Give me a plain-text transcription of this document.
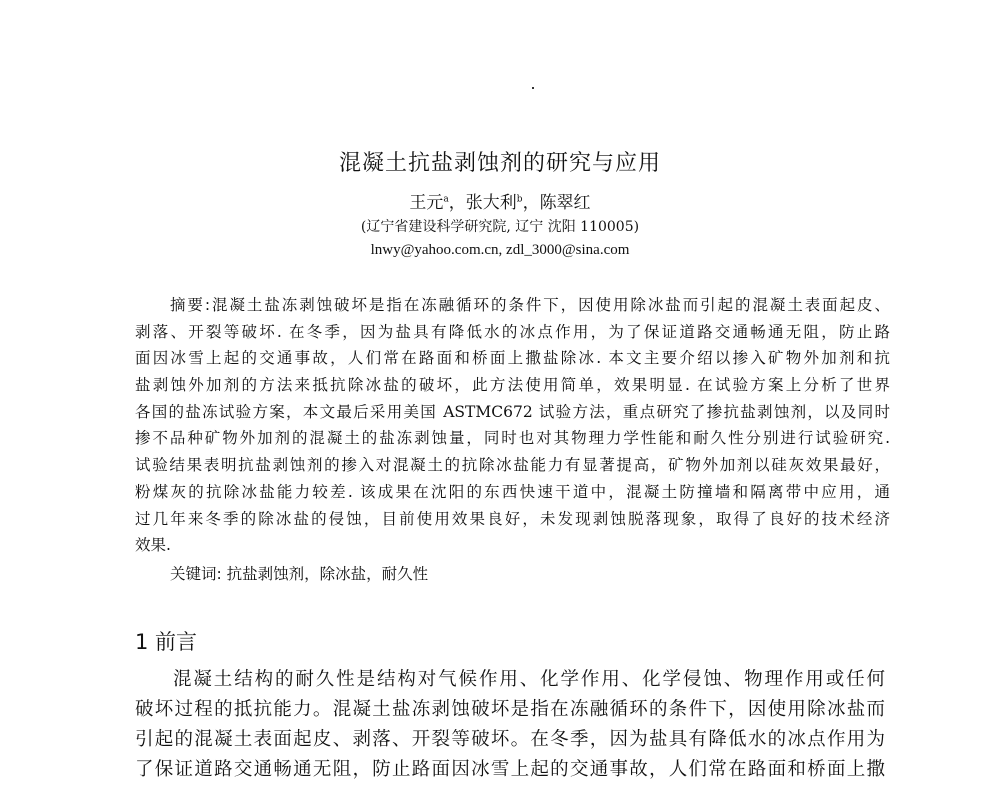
混凝土抗盐剥蚀剂的研究与应用
王元$^a$，张大利$^b$，陈翠红
(辽宁省建设科学研究院, 辽宁 沈阳 110005)
lnwy@yahoo.com.cn, zdl_3000@sina.com
摘要:混凝土盐冻剥蚀破坏是指在冻融循环的条件下，因使用除冰盐而引起的混凝土表面起皮、
剥落、开裂等破坏. 在冬季，因为盐具有降低水的冰点作用，为了保证道路交通畅通无阻，防止路
面因冰雪上起的交通事故，人们常在路面和桥面上撒盐除冰. 本文主要介绍以掺入矿物外加剂和抗
盐剥蚀外加剂的方法来抵抗除冰盐的破坏，此方法使用简单，效果明显. 在试验方案上分析了世界
各国的盐冻试验方案，本文最后采用美国 ASTMC672 试验方法，重点研究了掺抗盐剥蚀剂，以及同时
掺不品种矿物外加剂的混凝土的盐冻剥蚀量，同时也对其物理力学性能和耐久性分别进行试验研究.
试验结果表明抗盐剥蚀剂的掺入对混凝土的抗除冰盐能力有显著提高，矿物外加剂以硅灰效果最好，
粉煤灰的抗除冰盐能力较差. 该成果在沈阳的东西快速干道中，混凝土防撞墙和隔离带中应用，通
过几年来冬季的除冰盐的侵蚀，目前使用效果良好，未发现剥蚀脱落现象，取得了良好的技术经济
效果.
关键词: 抗盐剥蚀剂，除冰盐，耐久性
1 前言
混凝土结构的耐久性是结构对气候作用、化学作用、化学侵蚀、物理作用或任何
破坏过程的抵抗能力。混凝土盐冻剥蚀破坏是指在冻融循环的条件下，因使用除冰盐而
引起的混凝土表面起皮、剥落、开裂等破坏。在冬季，因为盐具有降低水的冰点作用为
了保证道路交通畅通无阻，防止路面因冰雪上起的交通事故，人们常在路面和桥面上撒
